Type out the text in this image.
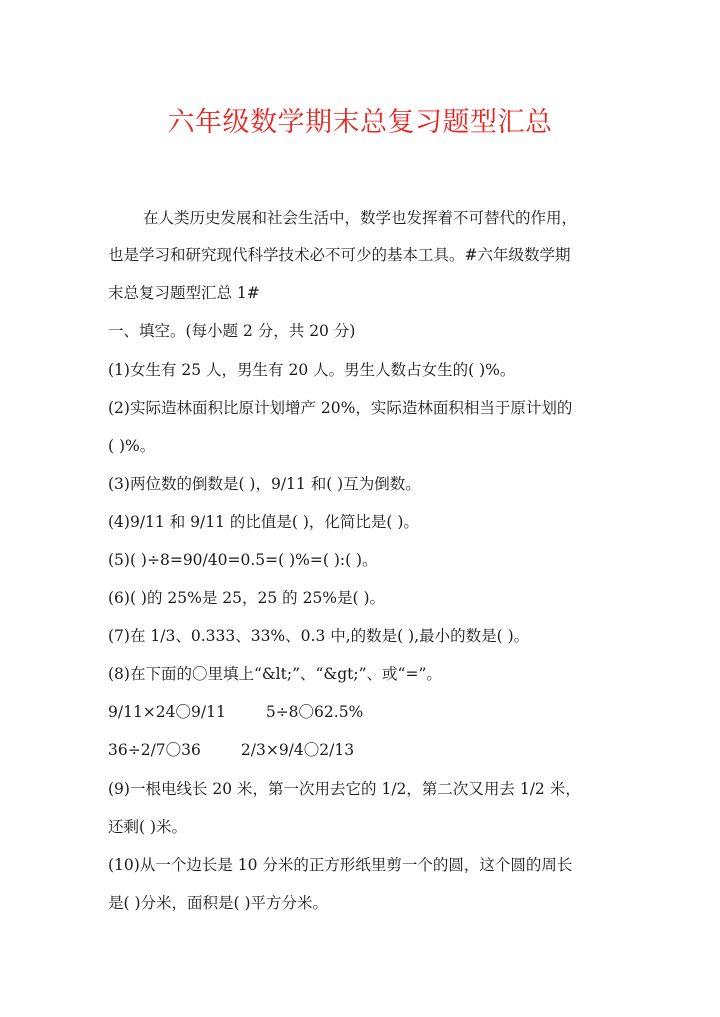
六年级数学期末总复习题型汇总
在人类历史发展和社会生活中，数学也发挥着不可替代的作用，
也是学习和研究现代科学技术必不可少的基本工具。#六年级数学期
末总复习题型汇总 1#
一、填空。(每小题 2 分，共 20 分)
(1)女生有 25 人，男生有 20 人。男生人数占女生的( )%。
(2)实际造林面积比原计划增产 20%，实际造林面积相当于原计划的
( )%。
(3)两位数的倒数是( )，9/11 和( )互为倒数。
(4)9/11 和 9/11 的比值是( )，化简比是( )。
(5)( )÷8=90/40=0.5=( )%=( ):( )。
(6)( )的 25%是 25，25 的 25%是( )。
(7)在 1/3、0.333、33%、0.3 中,的数是( ),最小的数是( )。
(8)在下面的〇里填上“&lt;”、“&gt;”、或“=”。
9/11×24〇9/11	5÷8〇62.5%
36÷2/7〇36	2/3×9/4〇2/13
(9)一根电线长 20 米，第一次用去它的 1/2，第二次又用去 1/2 米，
还剩( )米。
(10)从一个边长是 10 分米的正方形纸里剪一个的圆，这个圆的周长
是( )分米，面积是( )平方分米。
